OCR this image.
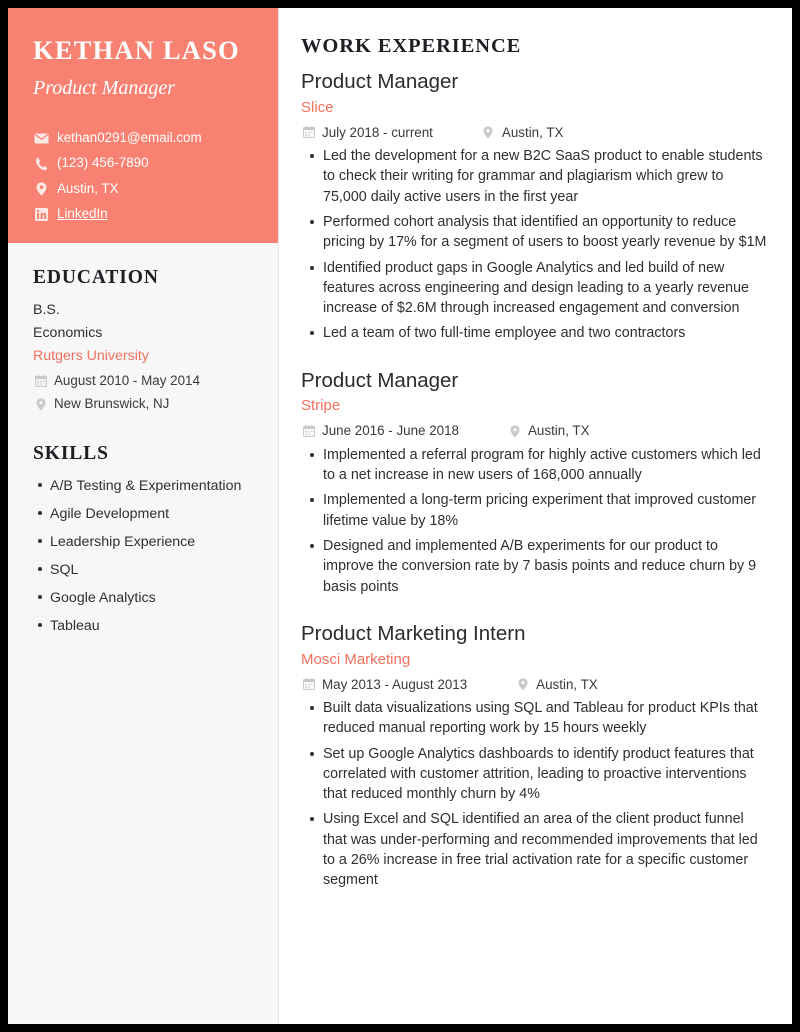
KETHAN LASO
Product Manager
kethan0291@email.com
(123) 456-7890
Austin, TX
LinkedIn
EDUCATION
B.S.
Economics
Rutgers University
August 2010 - May 2014
New Brunswick, NJ
SKILLS
A/B Testing & Experimentation
Agile Development
Leadership Experience
SQL
Google Analytics
Tableau
WORK EXPERIENCE
Product Manager
Slice
July 2018 - current	Austin, TX
Led the development for a new B2C SaaS product to enable students to check their writing for grammar and plagiarism which grew to 75,000 daily active users in the first year
Performed cohort analysis that identified an opportunity to reduce pricing by 17% for a segment of users to boost yearly revenue by $1M
Identified product gaps in Google Analytics and led build of new features across engineering and design leading to a yearly revenue increase of $2.6M through increased engagement and conversion
Led a team of two full-time employee and two contractors
Product Manager
Stripe
June 2016 - June 2018	Austin, TX
Implemented a referral program for highly active customers which led to a net increase in new users of 168,000 annually
Implemented a long-term pricing experiment that improved customer lifetime value by 18%
Designed and implemented A/B experiments for our product to improve the conversion rate by 7 basis points and reduce churn by 9 basis points
Product Marketing Intern
Mosci Marketing
May 2013 - August 2013	Austin, TX
Built data visualizations using SQL and Tableau for product KPIs that reduced manual reporting work by 15 hours weekly
Set up Google Analytics dashboards to identify product features that correlated with customer attrition, leading to proactive interventions that reduced monthly churn by 4%
Using Excel and SQL identified an area of the client product funnel that was under-performing and recommended improvements that led to a 26% increase in free trial activation rate for a specific customer segment
